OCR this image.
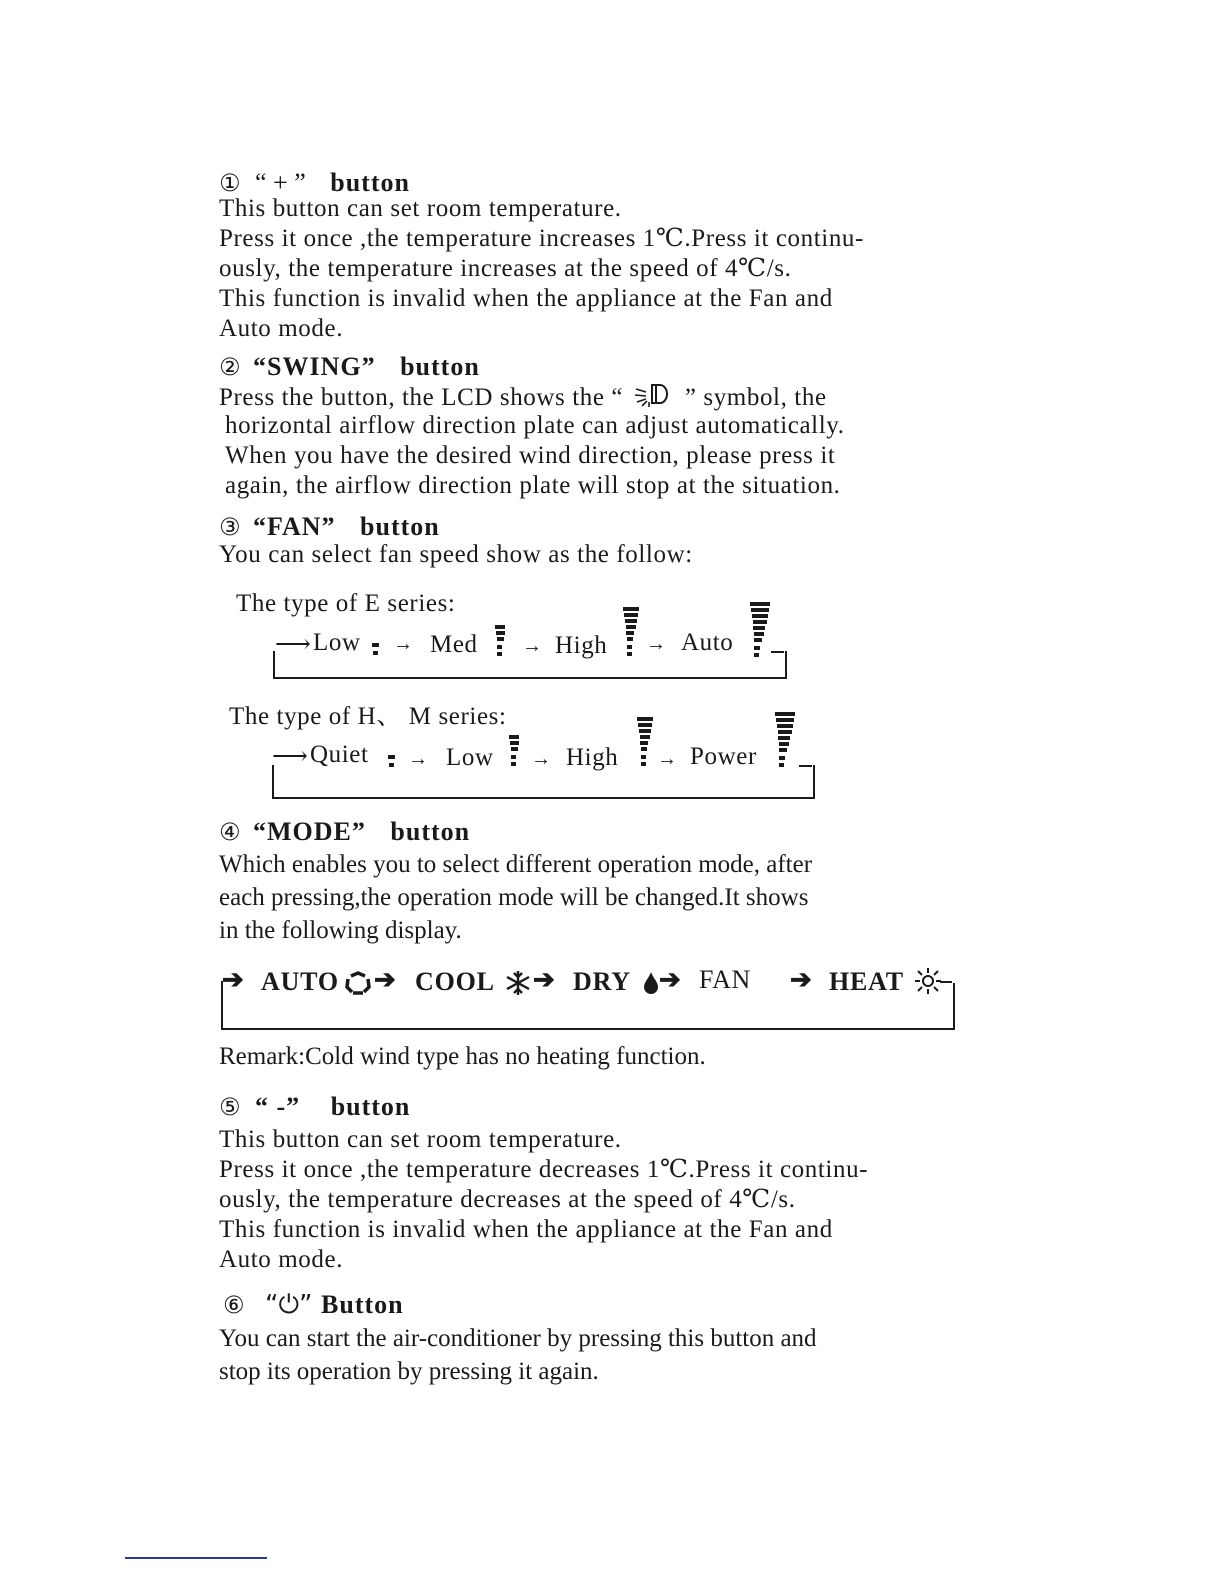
① “ + ” button
This button can set room temperature.
Press it once ,the temperature increases 1℃.Press it continu-
ously, the temperature increases at the speed of 4℃/s.
This function is invalid when the appliance at the Fan and
Auto mode.
② “SWING” button
Press the button, the LCD shows the “ ” symbol, the
horizontal airflow direction plate can adjust automatically.
When you have the desired wind direction, please press it
again, the airflow direction plate will stop at the situation.
③ “FAN” button
You can select fan speed show as the follow:
The type of E series:
⟶ Low → Med → High → Auto
The type of H、 M series:
⟶ Quiet → Low → High → Power
④ “MODE” button
Which enables you to select different operation mode, after
each pressing,the operation mode will be changed.It shows
in the following display.
➔ AUTO ➔ COOL ➔ DRY ➔ FAN ➔ HEAT
Remark:Cold wind type has no heating function.
⑤ “ -” button
This button can set room temperature.
Press it once ,the temperature decreases 1℃.Press it continu-
ously, the temperature decreases at the speed of 4℃/s.
This function is invalid when the appliance at the Fan and
Auto mode.
⑥ “⏻” Button
You can start the air-conditioner by pressing this button and
stop its operation by pressing it again.
